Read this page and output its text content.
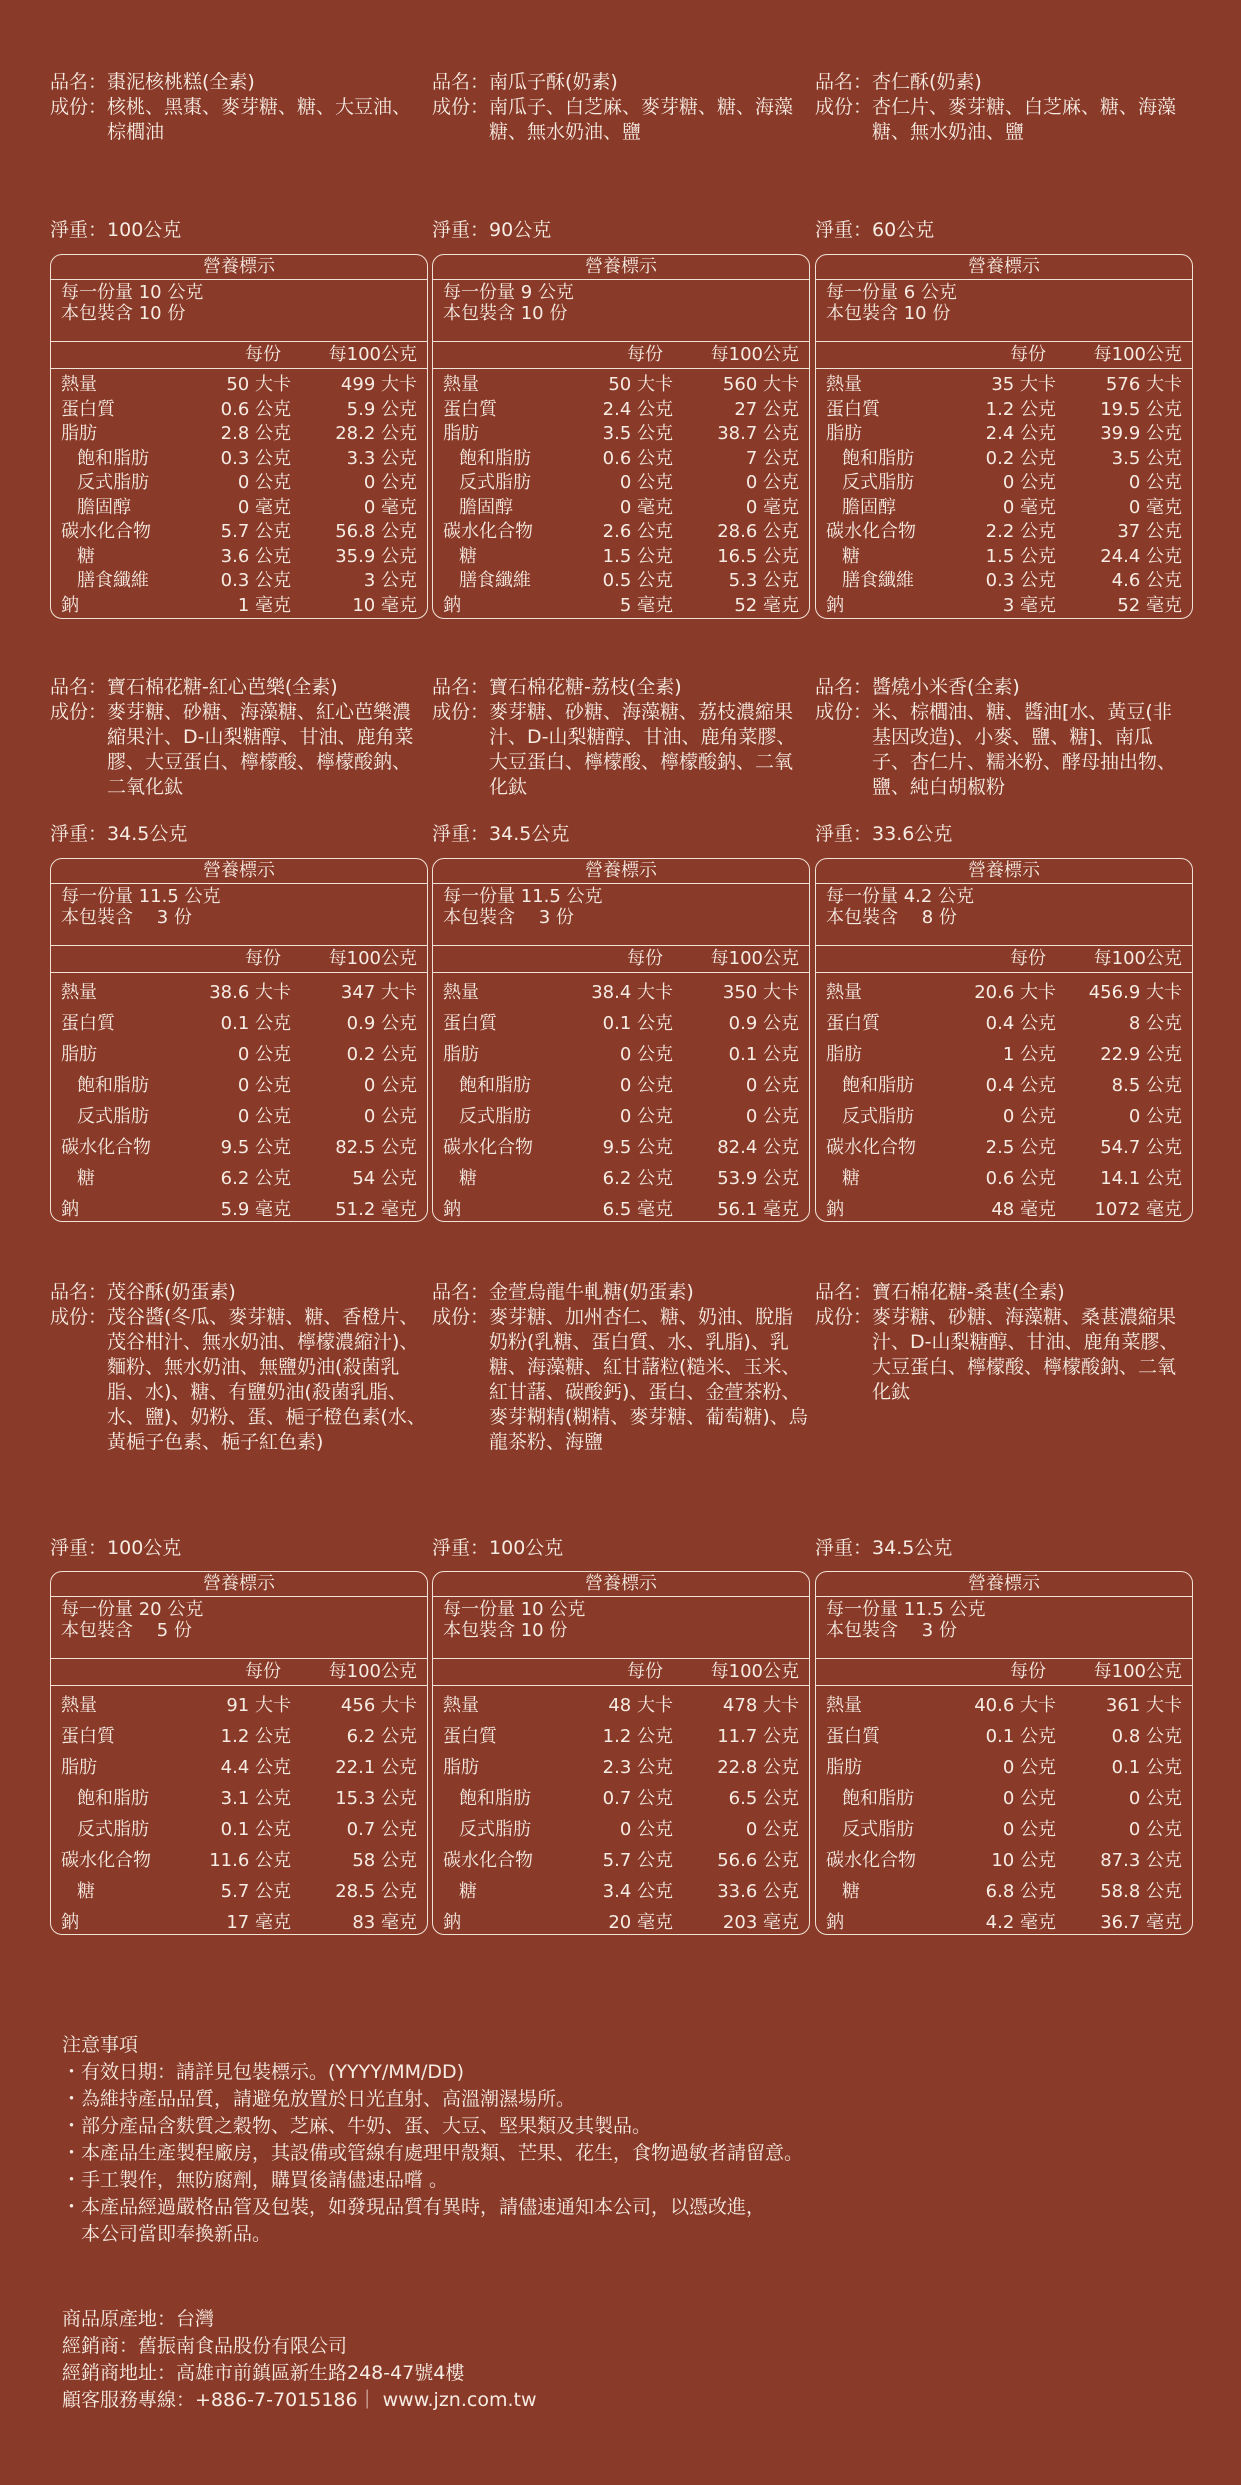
品名： 棗泥核桃糕(全素)
成份： 核桃、黑棗、麥芽糖、糖、大豆油、棕櫚油
淨重：100公克
營養標示
每一份量 10 公克
本包裝含 10 份
每份	每100公克
熱量	50 大卡	499 大卡
蛋白質	0.6 公克	5.9 公克
脂肪	2.8 公克	28.2 公克
飽和脂肪	0.3 公克	3.3 公克
反式脂肪	0 公克	0 公克
膽固醇	0 毫克	0 毫克
碳水化合物	5.7 公克	56.8 公克
糖	3.6 公克	35.9 公克
膳食纖維	0.3 公克	3 公克
鈉	1 毫克	10 毫克
品名： 南瓜子酥(奶素)
成份： 南瓜子、白芝麻、麥芽糖、糖、海藻糖、無水奶油、鹽
淨重：90公克
營養標示
每一份量 9 公克
本包裝含 10 份
每份	每100公克
熱量	50 大卡	560 大卡
蛋白質	2.4 公克	27 公克
脂肪	3.5 公克	38.7 公克
飽和脂肪	0.6 公克	7 公克
反式脂肪	0 公克	0 公克
膽固醇	0 毫克	0 毫克
碳水化合物	2.6 公克	28.6 公克
糖	1.5 公克	16.5 公克
膳食纖維	0.5 公克	5.3 公克
鈉	5 毫克	52 毫克
品名： 杏仁酥(奶素)
成份： 杏仁片、麥芽糖、白芝麻、糖、海藻糖、無水奶油、鹽
淨重：60公克
營養標示
每一份量 6 公克
本包裝含 10 份
每份	每100公克
熱量	35 大卡	576 大卡
蛋白質	1.2 公克	19.5 公克
脂肪	2.4 公克	39.9 公克
飽和脂肪	0.2 公克	3.5 公克
反式脂肪	0 公克	0 公克
膽固醇	0 毫克	0 毫克
碳水化合物	2.2 公克	37 公克
糖	1.5 公克	24.4 公克
膳食纖維	0.3 公克	4.6 公克
鈉	3 毫克	52 毫克
品名： 寶石棉花糖-紅心芭樂(全素)
成份： 麥芽糖、砂糖、海藻糖、紅心芭樂濃縮果汁、D-山梨糖醇、甘油、鹿角菜膠、大豆蛋白、檸檬酸、檸檬酸鈉、二氧化鈦
淨重：34.5公克
營養標示
每一份量 11.5 公克
本包裝含　 3 份
每份	每100公克
熱量	38.6 大卡	347 大卡
蛋白質	0.1 公克	0.9 公克
脂肪	0 公克	0.2 公克
飽和脂肪	0 公克	0 公克
反式脂肪	0 公克	0 公克
碳水化合物	9.5 公克	82.5 公克
糖	6.2 公克	54 公克
鈉	5.9 毫克	51.2 毫克
品名： 寶石棉花糖-荔枝(全素)
成份： 麥芽糖、砂糖、海藻糖、荔枝濃縮果汁、D-山梨糖醇、甘油、鹿角菜膠、大豆蛋白、檸檬酸、檸檬酸鈉、二氧化鈦
淨重：34.5公克
營養標示
每一份量 11.5 公克
本包裝含　 3 份
每份	每100公克
熱量	38.4 大卡	350 大卡
蛋白質	0.1 公克	0.9 公克
脂肪	0 公克	0.1 公克
飽和脂肪	0 公克	0 公克
反式脂肪	0 公克	0 公克
碳水化合物	9.5 公克	82.4 公克
糖	6.2 公克	53.9 公克
鈉	6.5 毫克	56.1 毫克
品名： 醬燒小米香(全素)
成份： 米、棕櫚油、糖、醬油[水、黃豆(非基因改造)、小麥、鹽、糖]、南瓜子、杏仁片、糯米粉、酵母抽出物、鹽、純白胡椒粉
淨重：33.6公克
營養標示
每一份量 4.2 公克
本包裝含　 8 份
每份	每100公克
熱量	20.6 大卡	456.9 大卡
蛋白質	0.4 公克	8 公克
脂肪	1 公克	22.9 公克
飽和脂肪	0.4 公克	8.5 公克
反式脂肪	0 公克	0 公克
碳水化合物	2.5 公克	54.7 公克
糖	0.6 公克	14.1 公克
鈉	48 毫克	1072 毫克
品名： 茂谷酥(奶蛋素)
成份： 茂谷醬(冬瓜、麥芽糖、糖、香橙片、茂谷柑汁、無水奶油、檸檬濃縮汁)、麵粉、無水奶油、無鹽奶油(殺菌乳脂、水)、糖、有鹽奶油(殺菌乳脂、水、鹽)、奶粉、蛋、梔子橙色素(水、黃梔子色素、梔子紅色素)
淨重：100公克
營養標示
每一份量 20 公克
本包裝含　 5 份
每份	每100公克
熱量	91 大卡	456 大卡
蛋白質	1.2 公克	6.2 公克
脂肪	4.4 公克	22.1 公克
飽和脂肪	3.1 公克	15.3 公克
反式脂肪	0.1 公克	0.7 公克
碳水化合物	11.6 公克	58 公克
糖	5.7 公克	28.5 公克
鈉	17 毫克	83 毫克
品名： 金萱烏龍牛軋糖(奶蛋素)
成份： 麥芽糖、加州杏仁、糖、奶油、脫脂奶粉(乳糖、蛋白質、水、乳脂)、乳糖、海藻糖、紅甘藷粒(糙米、玉米、紅甘藷、碳酸鈣)、蛋白、金萱茶粉、麥芽糊精(糊精、麥芽糖、葡萄糖)、烏龍茶粉、海鹽
淨重：100公克
營養標示
每一份量 10 公克
本包裝含 10 份
每份	每100公克
熱量	48 大卡	478 大卡
蛋白質	1.2 公克	11.7 公克
脂肪	2.3 公克	22.8 公克
飽和脂肪	0.7 公克	6.5 公克
反式脂肪	0 公克	0 公克
碳水化合物	5.7 公克	56.6 公克
糖	3.4 公克	33.6 公克
鈉	20 毫克	203 毫克
品名： 寶石棉花糖-桑葚(全素)
成份： 麥芽糖、砂糖、海藻糖、桑葚濃縮果汁、D-山梨糖醇、甘油、鹿角菜膠、大豆蛋白、檸檬酸、檸檬酸鈉、二氧化鈦
淨重：34.5公克
營養標示
每一份量 11.5 公克
本包裝含　 3 份
每份	每100公克
熱量	40.6 大卡	361 大卡
蛋白質	0.1 公克	0.8 公克
脂肪	0 公克	0.1 公克
飽和脂肪	0 公克	0 公克
反式脂肪	0 公克	0 公克
碳水化合物	10 公克	87.3 公克
糖	6.8 公克	58.8 公克
鈉	4.2 毫克	36.7 毫克
注意事項
・有效日期：請詳見包裝標示。(YYYY/MM/DD)
・為維持產品品質，請避免放置於日光直射、高溫潮濕場所。
・部分產品含麩質之穀物、芝麻、牛奶、蛋、大豆、堅果類及其製品。
・本產品生產製程廠房，其設備或管線有處理甲殼類、芒果、花生，食物過敏者請留意。
・手工製作，無防腐劑，購買後請儘速品嚐 。
・本產品經過嚴格品管及包裝，如發現品質有異時，請儘速通知本公司，以憑改進，
　本公司當即奉換新品。
商品原產地：台灣
經銷商：舊振南食品股份有限公司
經銷商地址：高雄市前鎮區新生路248-47號4樓
顧客服務專線：+886-7-7015186｜ www.jzn.com.tw
